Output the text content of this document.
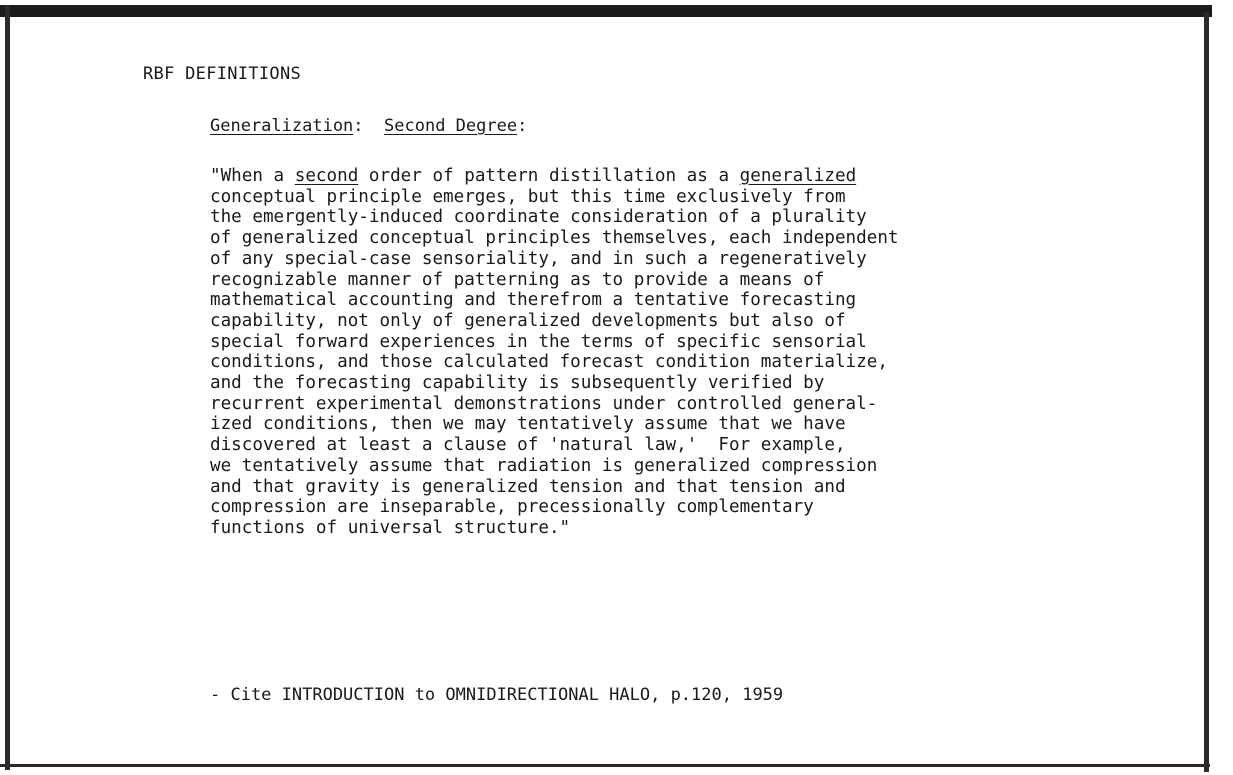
RBF DEFINITIONS
Generalization:  Second Degree:
"When a second order of pattern distillation as a generalized
conceptual principle emerges, but this time exclusively from
the emergently-induced coordinate consideration of a plurality
of generalized conceptual principles themselves, each independent
of any special-case sensoriality, and in such a regeneratively
recognizable manner of patterning as to provide a means of
mathematical accounting and therefrom a tentative forecasting
capability, not only of generalized developments but also of
special forward experiences in the terms of specific sensorial
conditions, and those calculated forecast condition materialize,
and the forecasting capability is subsequently verified by
recurrent experimental demonstrations under controlled general-
ized conditions, then we may tentatively assume that we have
discovered at least a clause of 'natural law,'  For example,
we tentatively assume that radiation is generalized compression
and that gravity is generalized tension and that tension and
compression are inseparable, precessionally complementary
functions of universal structure."
- Cite INTRODUCTION to OMNIDIRECTIONAL HALO, p.120, 1959
